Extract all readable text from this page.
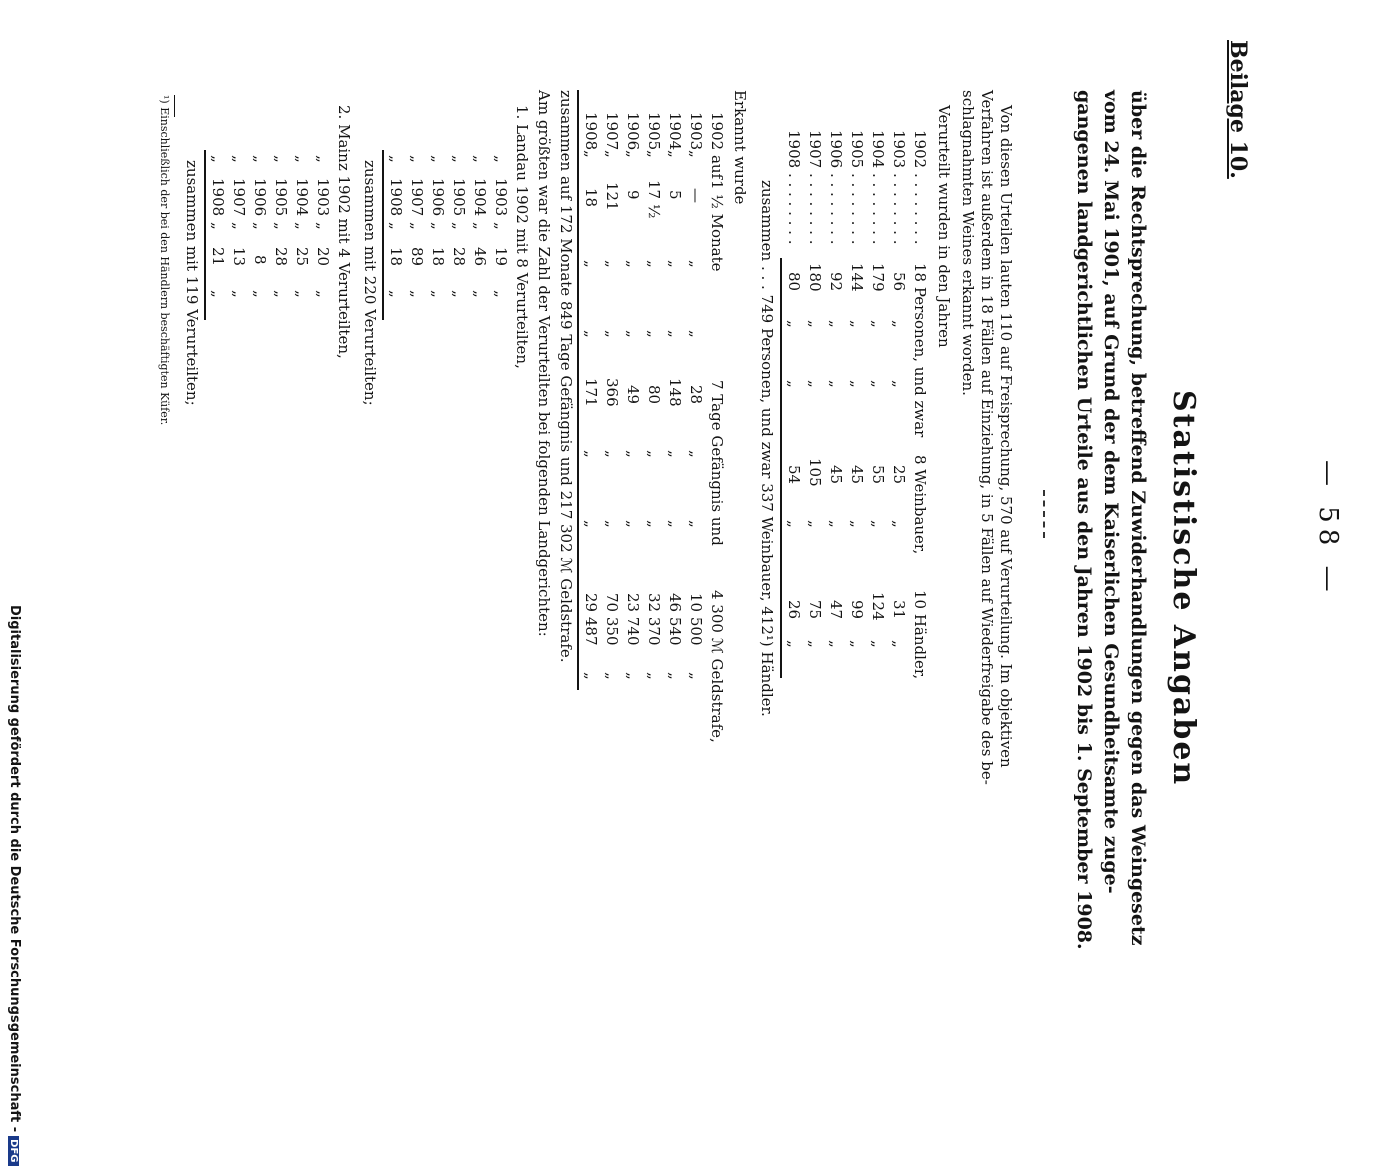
— 58 —
Beilage 10.
Statistische Angaben
über die Rechtsprechung, betreffend Zuwiderhandlungen gegen das Weingesetz
vom 24. Mai 1901, auf Grund der dem Kaiserlichen Gesundheitsamte zuge-
gangenen landgerichtlichen Urteile aus den Jahren 1902 bis 1. September 1908.
Von diesen Urteilen lauten 110 auf Freisprechung, 570 auf Verurteilung. Im objektiven
Verfahren ist außerdem in 18 Fällen auf Einziehung, in 5 Fällen auf Wiederfreigabe des be-
schlagnahmten Weines erkannt worden.
Verurteilt wurden in den Jahren
1902 . . . . . . . .
18 Personen, und zwar
8 Weinbauer,
10 Händler,
1903 . . . . . . . .
56
„
„
25
„
31
„
1904 . . . . . . . .
179
„
„
55
„
124
„
1905 . . . . . . . .
144
„
„
45
„
99
„
1906 . . . . . . . .
92
„
„
45
„
47
„
1907 . . . . . . . .
180
„
„
105
„
75
„
1908 . . . . . . . .
80
„
„
54
„
26
„
zusammen . . . 749 Personen, und zwar 337 Weinbauer, 412¹) Händler.
Erkannt wurde
1902 auf
1 ½ Monate
7 Tage Gefängnis und
4 300 ℳ Geldstrafe,
1903
„
—
„
„
28
„
„
10 500
„
1904
„
5
„
„
148
„
„
46 540
„
1905
„
17 ½
„
„
80
„
„
32 370
„
1906
„
9
„
„
49
„
„
23 740
„
1907
„
121
„
„
366
„
„
70 350
„
1908
„
18
„
„
171
„
„
29 487
„
zusammen auf 172 Monate 849 Tage Gefängnis und 217 302 ℳ Geldstrafe.
Am größten war die Zahl der Verurteilten bei folgenden Landgerichten:
1. Landau 1902 mit 8 Verurteilten,
„
1903
„
19
„
„
1904
„
46
„
„
1905
„
28
„
„
1906
„
18
„
„
1907
„
89
„
„
1908
„
18
„
zusammen mit 220 Verurteilten;
2. Mainz 1902 mit 4 Verurteilten,
„
1903
„
20
„
„
1904
„
25
„
„
1905
„
28
„
„
1906
„
8
„
„
1907
„
13
„
„
1908
„
21
„
zusammen mit 119 Verurteilten;
¹) Einschließlich der bei den Händlern beschäftigten Küfer.
Digitalisierung gefördert durch die Deutsche Forschungsgemeinschaft -DFG
